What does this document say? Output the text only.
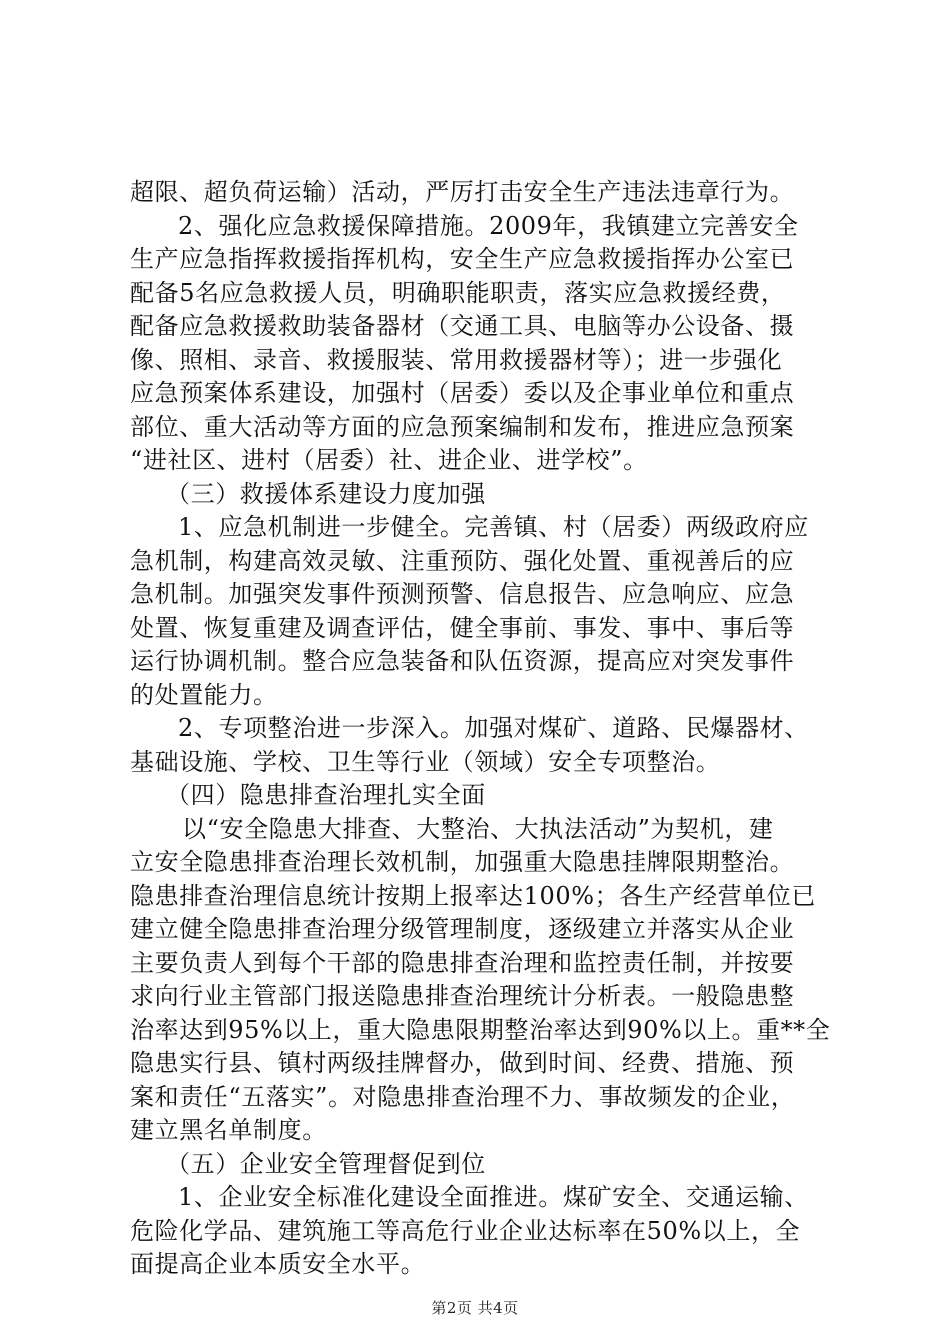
超限、超负荷运输）活动，严厉打击安全生产违法违章行为。
2、强化应急救援保障措施。2009年，我镇建立完善安全
生产应急指挥救援指挥机构，安全生产应急救援指挥办公室已
配备5名应急救援人员，明确职能职责，落实应急救援经费，
配备应急救援救助装备器材（交通工具、电脑等办公设备、摄
像、照相、录音、救援服装、常用救援器材等）；进一步强化
应急预案体系建设，加强村（居委）委以及企事业单位和重点
部位、重大活动等方面的应急预案编制和发布，推进应急预案
“进社区、进村（居委）社、进企业、进学校”。
（三）救援体系建设力度加强
1、应急机制进一步健全。完善镇、村（居委）两级政府应
急机制，构建高效灵敏、注重预防、强化处置、重视善后的应
急机制。加强突发事件预测预警、信息报告、应急响应、应急
处置、恢复重建及调查评估，健全事前、事发、事中、事后等
运行协调机制。整合应急装备和队伍资源，提高应对突发事件
的处置能力。
2、专项整治进一步深入。加强对煤矿、道路、民爆器材、
基础设施、学校、卫生等行业（领域）安全专项整治。
（四）隐患排查治理扎实全面
以“安全隐患大排查、大整治、大执法活动”为契机，建
立安全隐患排查治理长效机制，加强重大隐患挂牌限期整治。
隐患排查治理信息统计按期上报率达100%；各生产经营单位已
建立健全隐患排查治理分级管理制度，逐级建立并落实从企业
主要负责人到每个干部的隐患排查治理和监控责任制，并按要
求向行业主管部门报送隐患排查治理统计分析表。一般隐患整
治率达到95%以上，重大隐患限期整治率达到90%以上。重**全
隐患实行县、镇村两级挂牌督办，做到时间、经费、措施、预
案和责任“五落实”。对隐患排查治理不力、事故频发的企业，
建立黑名单制度。
（五）企业安全管理督促到位
1、企业安全标准化建设全面推进。煤矿安全、交通运输、
危险化学品、建筑施工等高危行业企业达标率在50%以上，全
面提高企业本质安全水平。
第2页 共4页
